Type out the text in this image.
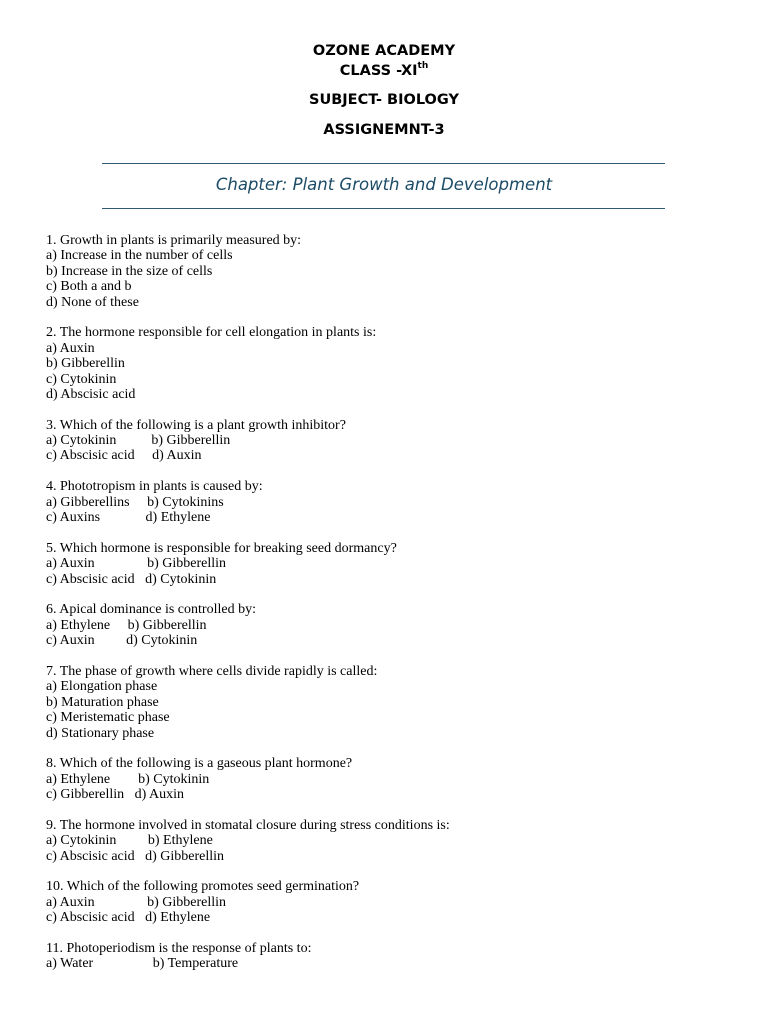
OZONE ACADEMY
CLASS -XIth
SUBJECT- BIOLOGY
ASSIGNEMNT-3
Chapter: Plant Growth and Development
1. Growth in plants is primarily measured by:
a) Increase in the number of cells
b) Increase in the size of cells
c) Both a and b
d) None of these
2. The hormone responsible for cell elongation in plants is:
a) Auxin
b) Gibberellin
c) Cytokinin
d) Abscisic acid
3. Which of the following is a plant growth inhibitor?
a) Cytokinin          b) Gibberellin
c) Abscisic acid     d) Auxin
4. Phototropism in plants is caused by:
a) Gibberellins     b) Cytokinins
c) Auxins             d) Ethylene
5. Which hormone is responsible for breaking seed dormancy?
a) Auxin               b) Gibberellin
c) Abscisic acid   d) Cytokinin
6. Apical dominance is controlled by:
a) Ethylene     b) Gibberellin
c) Auxin         d) Cytokinin
7. The phase of growth where cells divide rapidly is called:
a) Elongation phase
b) Maturation phase
c) Meristematic phase
d) Stationary phase
8. Which of the following is a gaseous plant hormone?
a) Ethylene        b) Cytokinin
c) Gibberellin   d) Auxin
9. The hormone involved in stomatal closure during stress conditions is:
a) Cytokinin         b) Ethylene
c) Abscisic acid   d) Gibberellin
10. Which of the following promotes seed germination?
a) Auxin               b) Gibberellin
c) Abscisic acid   d) Ethylene
11. Photoperiodism is the response of plants to:
a) Water                 b) Temperature
